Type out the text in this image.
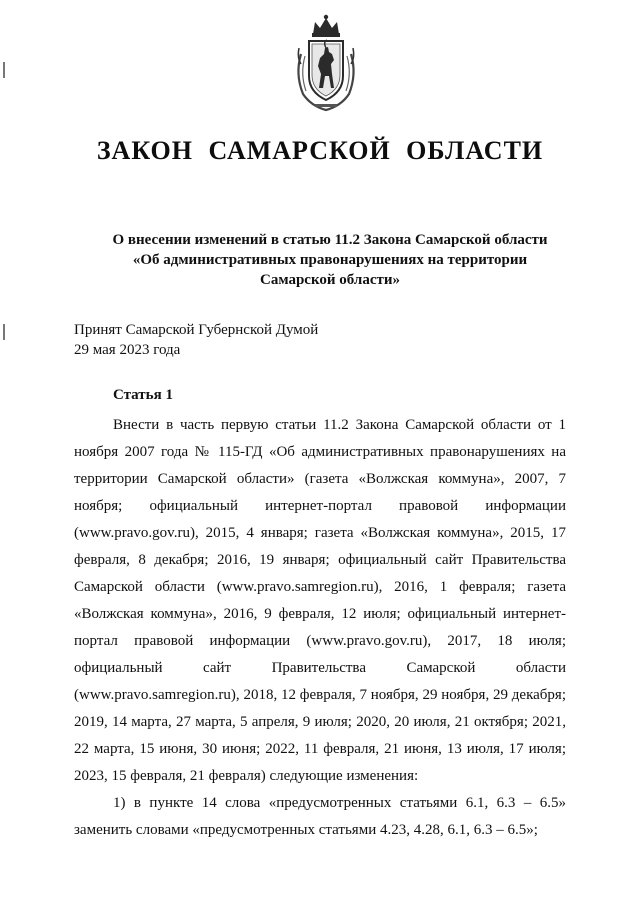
ЗАКОН САМАРСКОЙ ОБЛАСТИ
О внесении изменений в статью 11.2 Закона Самарской области
«Об административных правонарушениях на территории
Самарской области»
Принят Самарской Губернской Думой
29 мая 2023 года
Статья 1

Внести в часть первую статьи 11.2 Закона Самарской области от 1 ноября 2007 года № 115-ГД «Об административных правонарушениях на территории Самарской области» (газета «Волжская коммуна», 2007, 7 ноября; официальный интернет-портал правовой информации (www.pravo.gov.ru), 2015, 4 января; газета «Волжская коммуна», 2015, 17 февраля, 8 декабря; 2016, 19 января; официальный сайт Правительства Самарской области (www.pravo.samregion.ru), 2016, 1 февраля; газета «Волжская коммуна», 2016, 9 февраля, 12 июля; официальный интернет-портал правовой информации (www.pravo.gov.ru), 2017, 18 июля; официальный сайт Правительства Самарской области (www.pravo.samregion.ru), 2018, 12 февраля, 7 ноября, 29 ноября, 29 декабря; 2019, 14 марта, 27 марта, 5 апреля, 9 июля; 2020, 20 июля, 21 октября; 2021, 22 марта, 15 июня, 30 июня; 2022, 11 февраля, 21 июня, 13 июля, 17 июля; 2023, 15 февраля, 21 февраля) следующие изменения:

1) в пункте 14 слова «предусмотренных статьями 6.1, 6.3 – 6.5» заменить словами «предусмотренных статьями 4.23, 4.28, 6.1, 6.3 – 6.5»;
